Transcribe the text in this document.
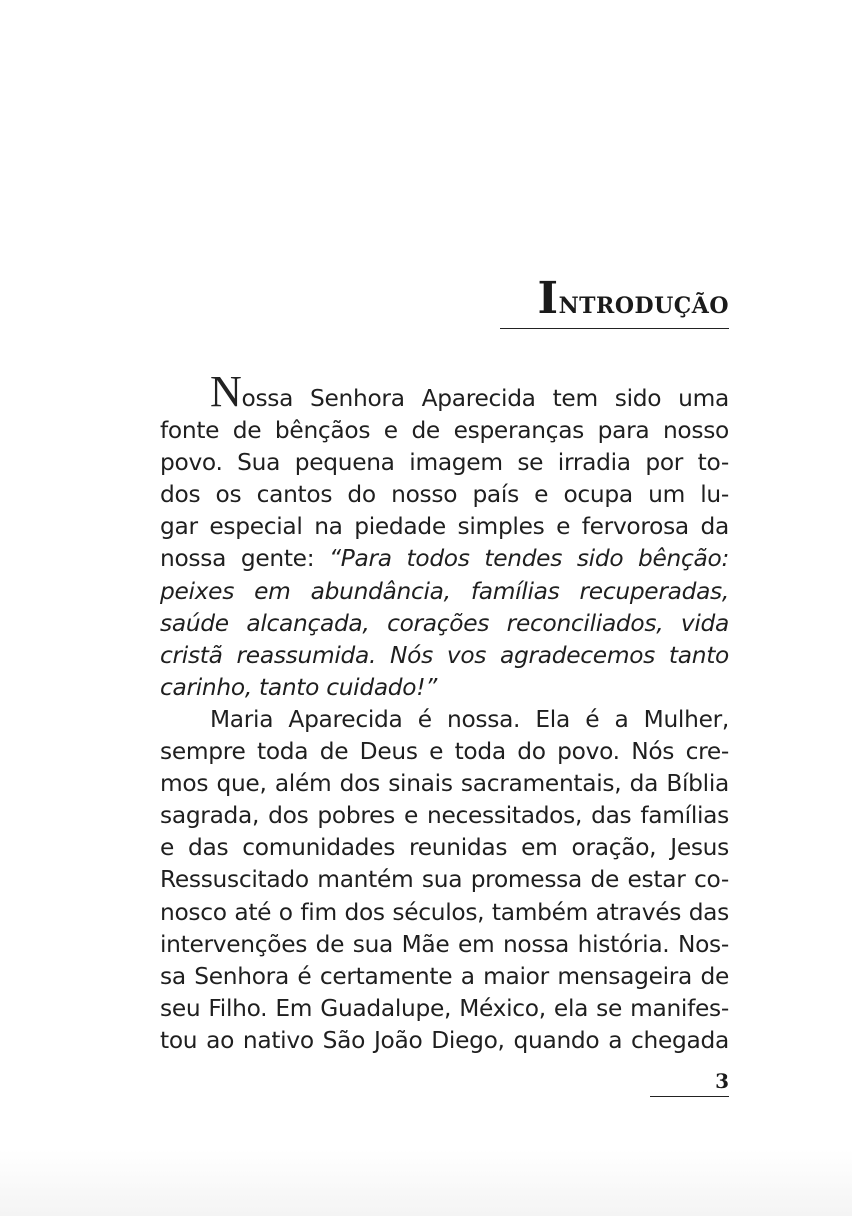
Introdução

Nossa Senhora Aparecida tem sido uma
fonte de bênçãos e de esperanças para nosso
povo. Sua pequena imagem se irradia por to-
dos os cantos do nosso país e ocupa um lu-
gar especial na piedade simples e fervorosa da
nossa gente: “Para todos tendes sido bênção:
peixes em abundância, famílias recuperadas,
saúde alcançada, corações reconciliados, vida
cristã reassumida. Nós vos agradecemos tanto
carinho, tanto cuidado!”

Maria Aparecida é nossa. Ela é a Mulher,
sempre toda de Deus e toda do povo. Nós cre-
mos que, além dos sinais sacramentais, da Bíblia
sagrada, dos pobres e necessitados, das famílias
e das comunidades reunidas em oração, Jesus
Ressuscitado mantém sua promessa de estar co-
nosco até o fim dos séculos, também através das
intervenções de sua Mãe em nossa história. Nos-
sa Senhora é certamente a maior mensageira de
seu Filho. Em Guadalupe, México, ela se manifes-
tou ao nativo São João Diego, quando a chegada

3
